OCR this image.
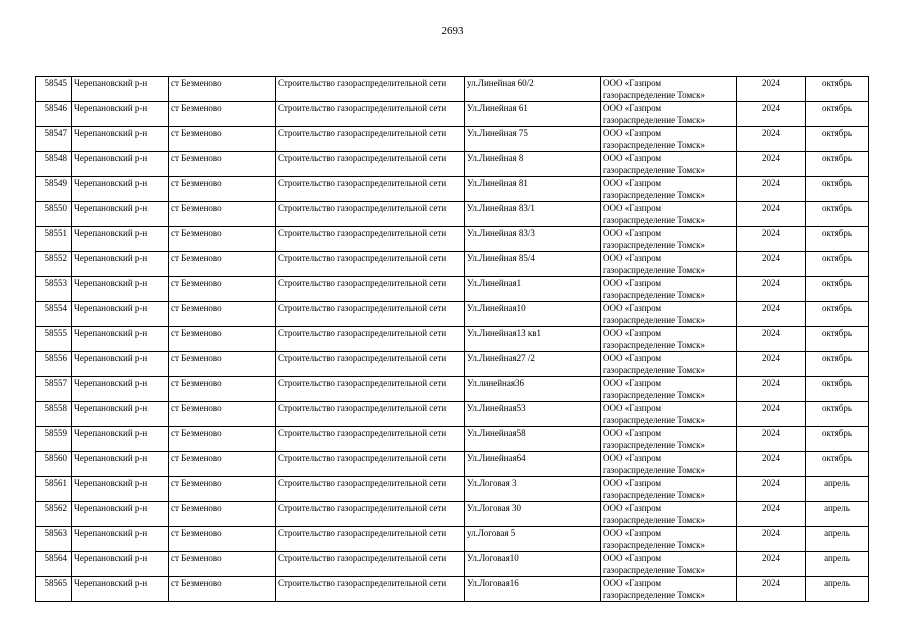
2693
58545	Черепановский р-н	ст Безменово	Строительство газораспределительной сети	ул.Линейная 60/2	ООО «Газпром газораспределение Томск»	2024	октябрь
58546	Черепановский р-н	ст Безменово	Строительство газораспределительной сети	Ул.Линейная 61	ООО «Газпром газораспределение Томск»	2024	октябрь
58547	Черепановский р-н	ст Безменово	Строительство газораспределительной сети	Ул.Линейная 75	ООО «Газпром газораспределение Томск»	2024	октябрь
58548	Черепановский р-н	ст Безменово	Строительство газораспределительной сети	Ул.Линейная 8	ООО «Газпром газораспределение Томск»	2024	октябрь
58549	Черепановский р-н	ст Безменово	Строительство газораспределительной сети	Ул.Линейная 81	ООО «Газпром газораспределение Томск»	2024	октябрь
58550	Черепановский р-н	ст Безменово	Строительство газораспределительной сети	Ул.Линейная 83/1	ООО «Газпром газораспределение Томск»	2024	октябрь
58551	Черепановский р-н	ст Безменово	Строительство газораспределительной сети	Ул.Линейная 83/3	ООО «Газпром газораспределение Томск»	2024	октябрь
58552	Черепановский р-н	ст Безменово	Строительство газораспределительной сети	Ул.Линейная 85/4	ООО «Газпром газораспределение Томск»	2024	октябрь
58553	Черепановский р-н	ст Безменово	Строительство газораспределительной сети	Ул.Линейная1	ООО «Газпром газораспределение Томск»	2024	октябрь
58554	Черепановский р-н	ст Безменово	Строительство газораспределительной сети	Ул.Линейная10	ООО «Газпром газораспределение Томск»	2024	октябрь
58555	Черепановский р-н	ст Безменово	Строительство газораспределительной сети	Ул.Линейная13 кв1	ООО «Газпром газораспределение Томск»	2024	октябрь
58556	Черепановский р-н	ст Безменово	Строительство газораспределительной сети	Ул.Линейная27 /2	ООО «Газпром газораспределение Томск»	2024	октябрь
58557	Черепановский р-н	ст Безменово	Строительство газораспределительной сети	Ул.линейная36	ООО «Газпром газораспределение Томск»	2024	октябрь
58558	Черепановский р-н	ст Безменово	Строительство газораспределительной сети	Ул.Линейная53	ООО «Газпром газораспределение Томск»	2024	октябрь
58559	Черепановский р-н	ст Безменово	Строительство газораспределительной сети	Ул.Линейная58	ООО «Газпром газораспределение Томск»	2024	октябрь
58560	Черепановский р-н	ст Безменово	Строительство газораспределительной сети	Ул.Линейная64	ООО «Газпром газораспределение Томск»	2024	октябрь
58561	Черепановский р-н	ст Безменово	Строительство газораспределительной сети	Ул.Логовая 3	ООО «Газпром газораспределение Томск»	2024	апрель
58562	Черепановский р-н	ст Безменово	Строительство газораспределительной сети	Ул.Логовая 30	ООО «Газпром газораспределение Томск»	2024	апрель
58563	Черепановский р-н	ст Безменово	Строительство газораспределительной сети	ул.Логовая 5	ООО «Газпром газораспределение Томск»	2024	апрель
58564	Черепановский р-н	ст Безменово	Строительство газораспределительной сети	Ул.Логовая10	ООО «Газпром газораспределение Томск»	2024	апрель
58565	Черепановский р-н	ст Безменово	Строительство газораспределительной сети	Ул.Логовая16	ООО «Газпром газораспределение Томск»	2024	апрель
